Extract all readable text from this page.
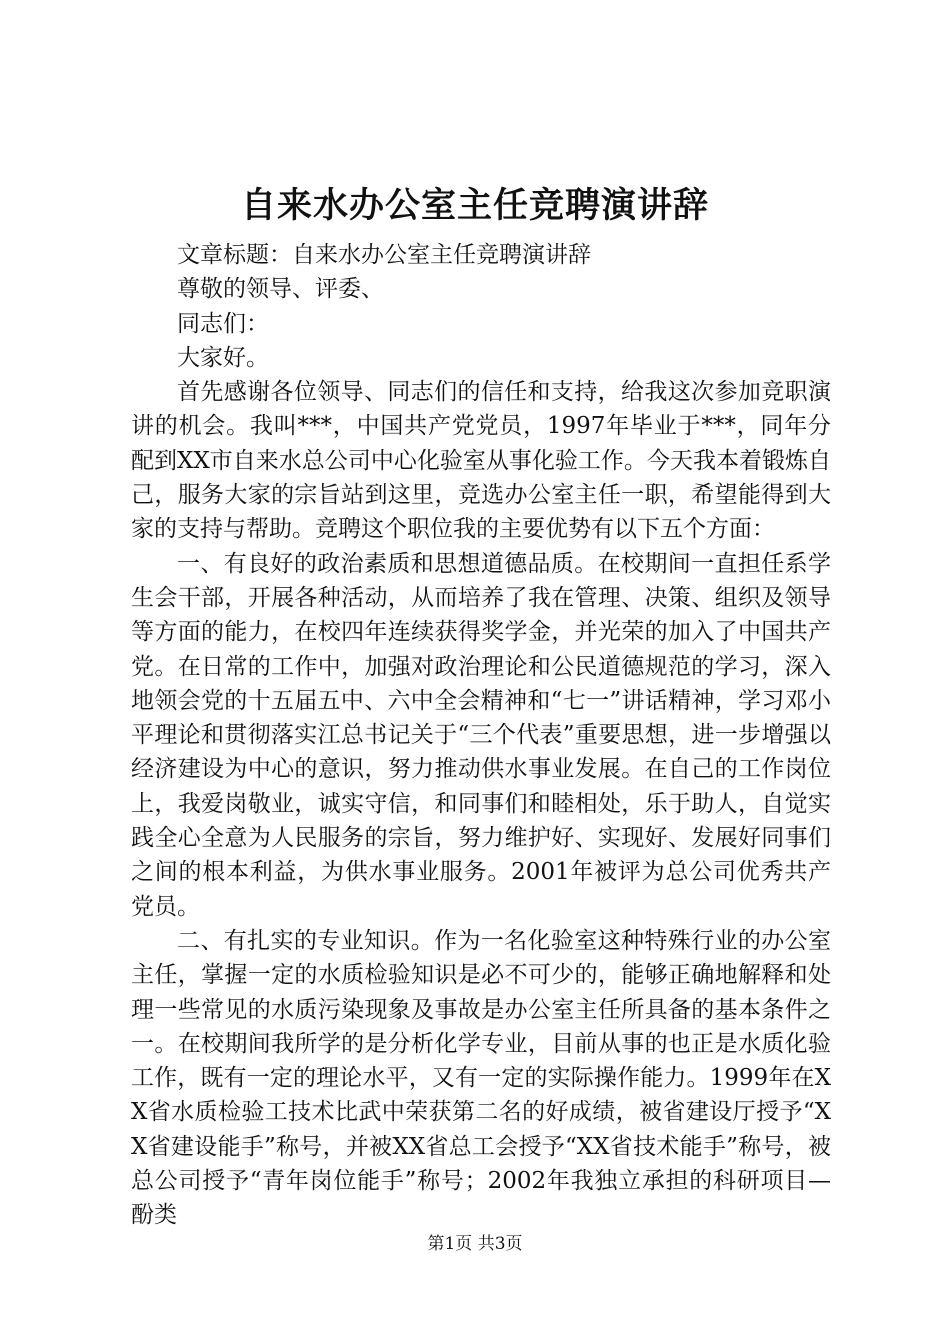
自来水办公室主任竞聘演讲辞

文章标题：自来水办公室主任竞聘演讲辞

尊敬的领导、评委、

同志们：

大家好。

首先感谢各位领导、同志们的信任和支持，给我这次参加竞职演讲的机会。我叫***，中国共产党党员，1997年毕业于***，同年分配到XX市自来水总公司中心化验室从事化验工作。今天我本着锻炼自己，服务大家的宗旨站到这里，竞选办公室主任一职，希望能得到大家的支持与帮助。竞聘这个职位我的主要优势有以下五个方面：

一、有良好的政治素质和思想道德品质。在校期间一直担任系学生会干部，开展各种活动，从而培养了我在管理、决策、组织及领导等方面的能力，在校四年连续获得奖学金，并光荣的加入了中国共产党。在日常的工作中，加强对政治理论和公民道德规范的学习，深入地领会党的十五届五中、六中全会精神和“七一”讲话精神，学习邓小平理论和贯彻落实江总书记关于“三个代表”重要思想，进一步增强以经济建设为中心的意识，努力推动供水事业发展。在自己的工作岗位上，我爱岗敬业，诚实守信，和同事们和睦相处，乐于助人，自觉实践全心全意为人民服务的宗旨，努力维护好、实现好、发展好同事们之间的根本利益，为供水事业服务。2001年被评为总公司优秀共产党员。

二、有扎实的专业知识。作为一名化验室这种特殊行业的办公室主任，掌握一定的水质检验知识是必不可少的，能够正确地解释和处理一些常见的水质污染现象及事故是办公室主任所具备的基本条件之一。在校期间我所学的是分析化学专业，目前从事的也正是水质化验工作，既有一定的理论水平，又有一定的实际操作能力。1999年在XX省水质检验工技术比武中荣获第二名的好成绩，被省建设厅授予“XX省建设能手”称号，并被XX省总工会授予“XX省技术能手”称号，被总公司授予“青年岗位能手”称号；2002年我独立承担的科研项目—酚类

第1页 共3页
